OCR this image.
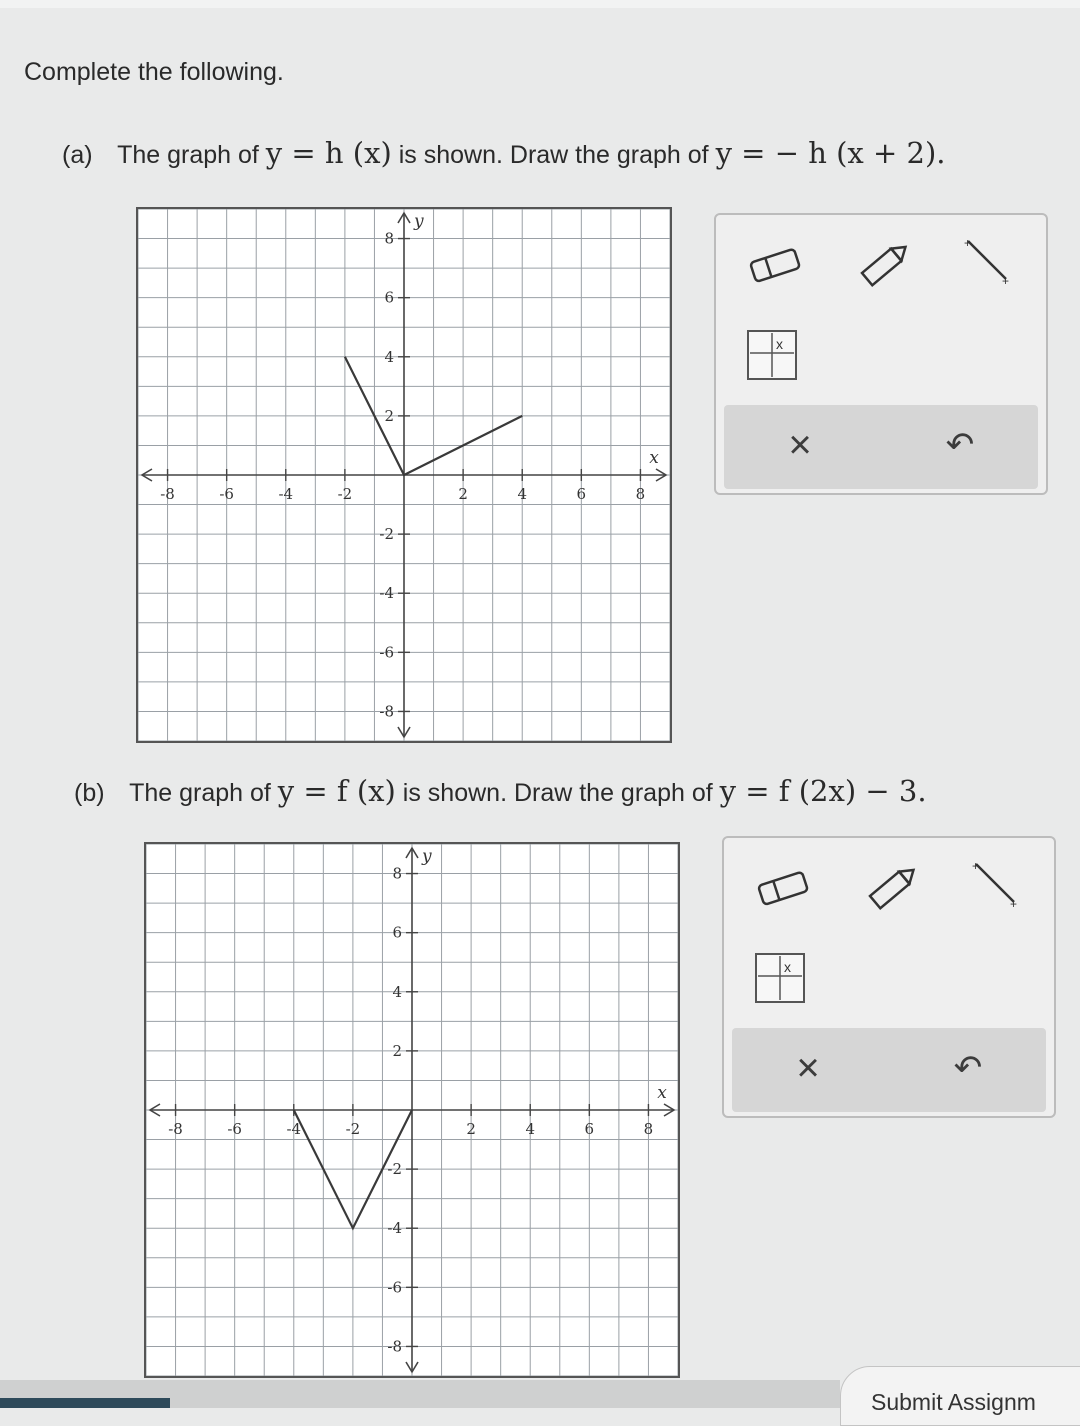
Complete the following.
(a) The graph of y = h (x) is shown. Draw the graph of y = − h (x + 2).
-8	-6	-4	-2	2	4	6	8
8
6
4
2
-2
-4
-6
-8
x
y
+
+
x
×	↶
(b) The graph of y = f (x) is shown. Draw the graph of y = f (2x) − 3.
-8	-6	-4	-2	2	4	6	8
8
6
4
2
-2
-4
-6
-8
x
y	+
+
x
×	↶
Submit Assignm
